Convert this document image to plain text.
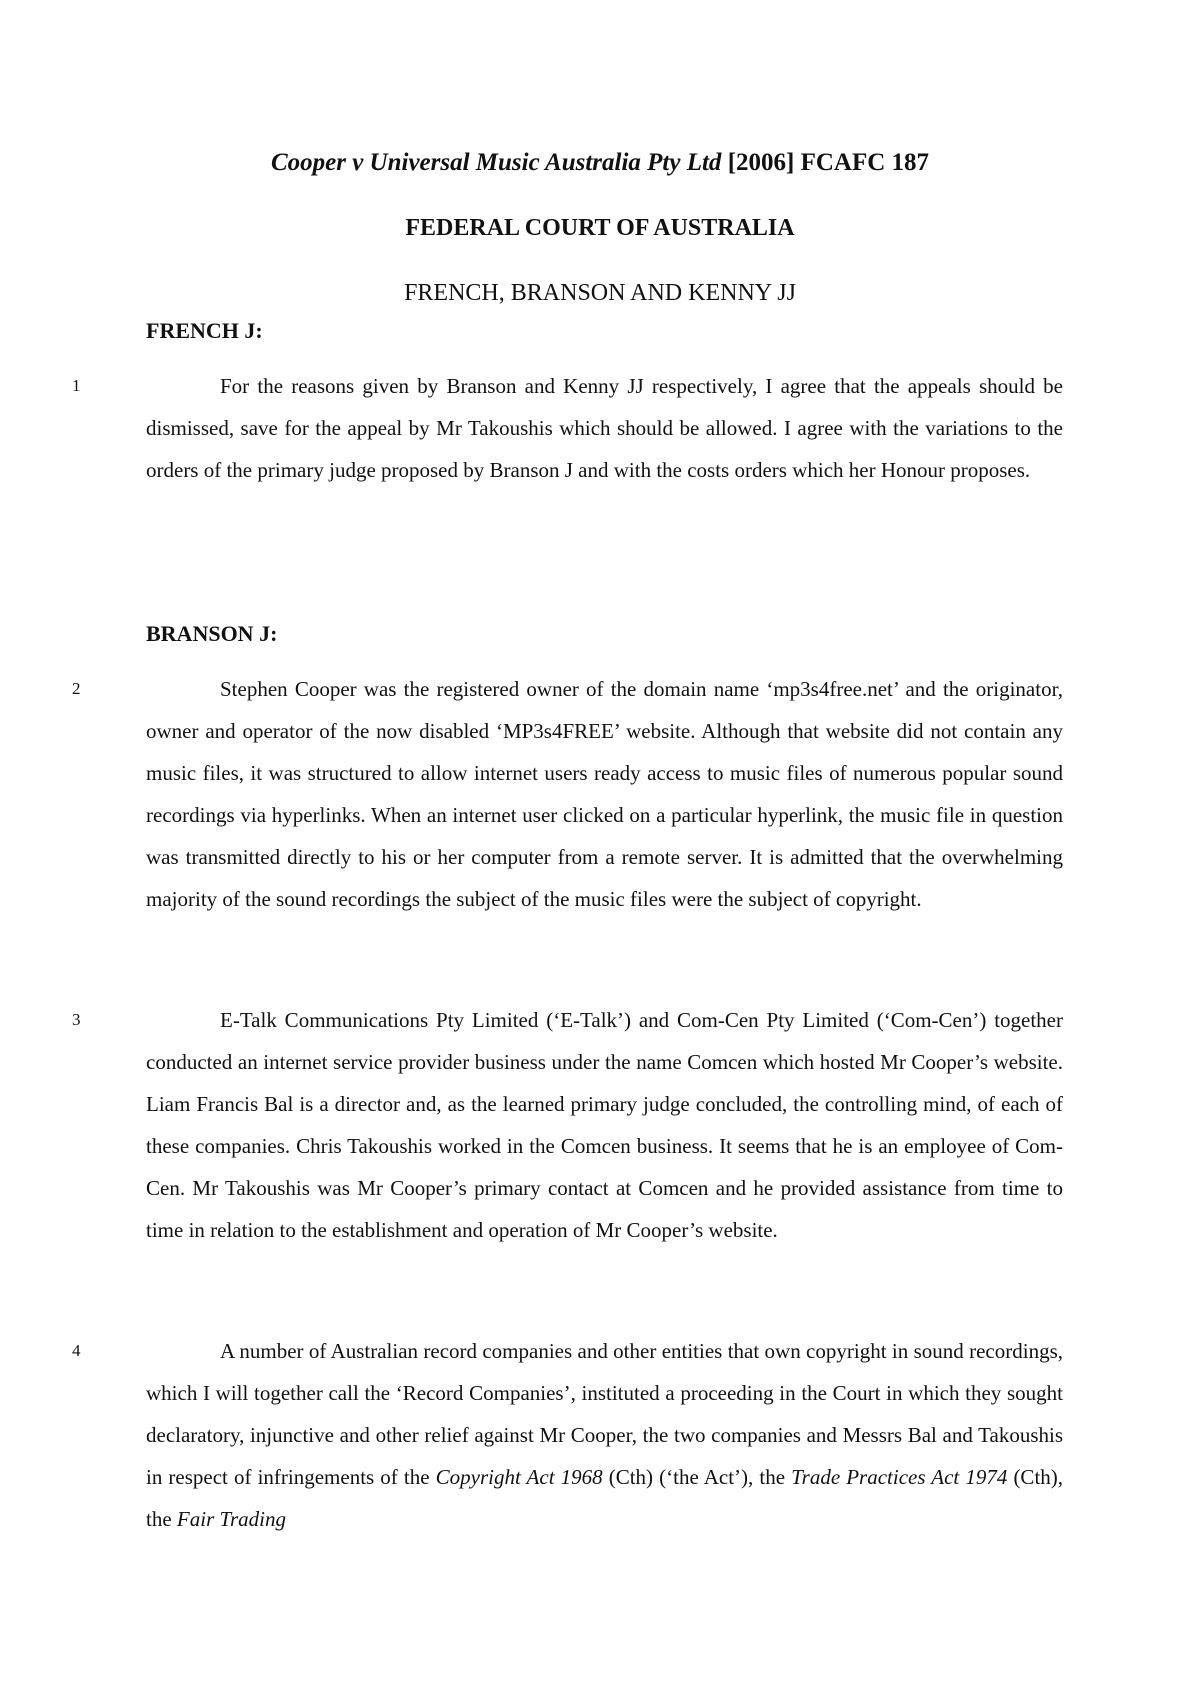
Cooper v Universal Music Australia Pty Ltd [2006] FCAFC 187
FEDERAL COURT OF AUSTRALIA
FRENCH, BRANSON AND KENNY JJ
FRENCH J:
1	For the reasons given by Branson and Kenny JJ respectively, I agree that the appeals should be dismissed, save for the appeal by Mr Takoushis which should be allowed. I agree with the variations to the orders of the primary judge proposed by Branson J and with the costs orders which her Honour proposes.
BRANSON J:
2	Stephen Cooper was the registered owner of the domain name ‘mp3s4free.net’ and the originator, owner and operator of the now disabled ‘MP3s4FREE’ website. Although that website did not contain any music files, it was structured to allow internet users ready access to music files of numerous popular sound recordings via hyperlinks. When an internet user clicked on a particular hyperlink, the music file in question was transmitted directly to his or her computer from a remote server. It is admitted that the overwhelming majority of the sound recordings the subject of the music files were the subject of copyright.
3	E-Talk Communications Pty Limited (‘E-Talk’) and Com-Cen Pty Limited (‘Com-Cen’) together conducted an internet service provider business under the name Comcen which hosted Mr Cooper’s website. Liam Francis Bal is a director and, as the learned primary judge concluded, the controlling mind, of each of these companies. Chris Takoushis worked in the Comcen business. It seems that he is an employee of Com-Cen. Mr Takoushis was Mr Cooper’s primary contact at Comcen and he provided assistance from time to time in relation to the establishment and operation of Mr Cooper’s website.
4	A number of Australian record companies and other entities that own copyright in sound recordings, which I will together call the ‘Record Companies’, instituted a proceeding in the Court in which they sought declaratory, injunctive and other relief against Mr Cooper, the two companies and Messrs Bal and Takoushis in respect of infringements of the Copyright Act 1968 (Cth) (‘the Act’), the Trade Practices Act 1974 (Cth), the Fair Trading
